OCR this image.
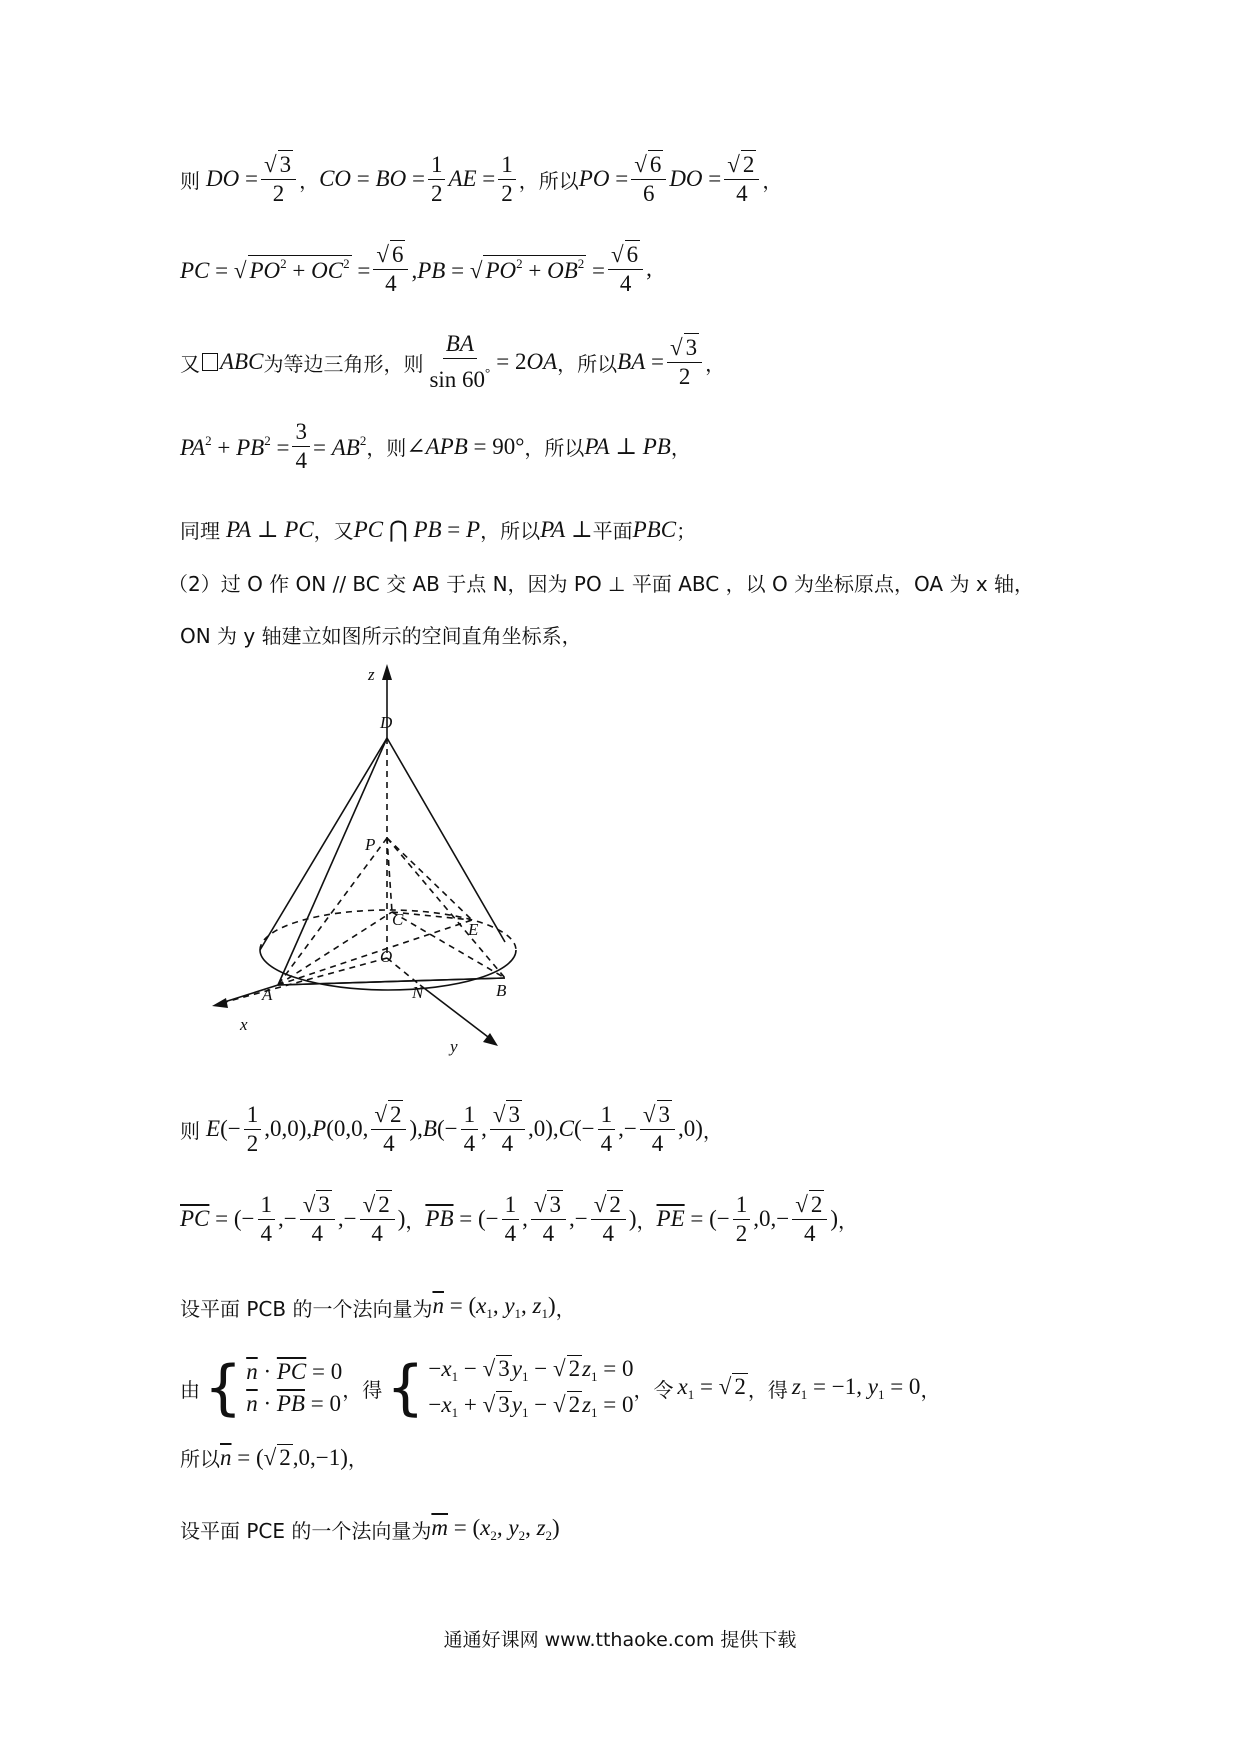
则 DO = √ $\frac{3}{2}$ ， CO = BO = $\frac{1}{2}$ AE = $\frac{1}{2}$ ，所以 PO = √ $\frac{6}{6}$ DO = √ $\frac{2}{4}$ ，
PC = √ $PO^2 + OC^2$ = √ $\frac{6}{4} ,PB$ = √ $PO^2 + OB^2$ = √ $\frac{6}{4}$ ,
又 ABC 为等边三角形，则 $\frac{BA}{\sin 60^\circ} = 2OA$ ，所以 BA = √ $\frac{3}{2}$ ，
$PA^2 + PB^2 = \frac{3}{4} = AB^2$ ，则 ∠APB = 90° ，所以 PA ⊥ PB ，
同理 PA ⊥ PC ，又 PC ⋂ PB = P ，所以 PA ⊥ 平面 PBC ；
（2）过 O 作 ON // BC 交 AB 于点 N，因为 PO ⊥ 平面 ABC ，以 O 为坐标原点，OA 为 x 轴，
ON 为 y 轴建立如图所示的空间直角坐标系，
z
D
P
C
E
O
A	N	B
x
y
则 $E(- \frac{1}{2} ,0,0),P(0,0$, √ $\frac{2}{4} ),B(- \frac{1}{4}$ , √ $\frac{3}{4} ,0),C(- \frac{1}{4}$ ,− √ $\frac{3}{4} ,0$) ，
$\overline{PC}$ = (− $\frac{1}{4}$ ,− √ $\frac{3}{4}$ ,− √ $\frac{2}{4}$ ) ， $\overline{PB}$ = (− $\frac{1}{4}$ , √ $\frac{3}{4}$ ,− √ $\frac{2}{4}$ ) ， $\overline{PE}$ = (− $\frac{1}{2} ,0,-$ √ $\frac{2}{4}$ ) ，
设平面 PCB 的一个法向量为 $\overline{n} = (x_1$, $y_1$, $z_1$) ，
由 { $\overline{n} \cdot \overline{PC} = 0$
$\overline{n} \cdot \overline{PB} = 0$
，得 { $-x_1$ − √ $3y_1$ − √ $2z_1 = 0$
$-x_1$ + √ $3y_1$ − √ $2z_1 = 0$
，令 $x_1$ = √ 2 ，得 $z_1 = -1$, $y_1 = 0$ ，
所以 $\overline{n}$ = ( √ 2,0,−1) ，
设平面 PCE 的一个法向量为 $\overline{m} = (x_2$, $y_2$, $z_2$)
通通好课网 www.tthaoke.com 提供下载
